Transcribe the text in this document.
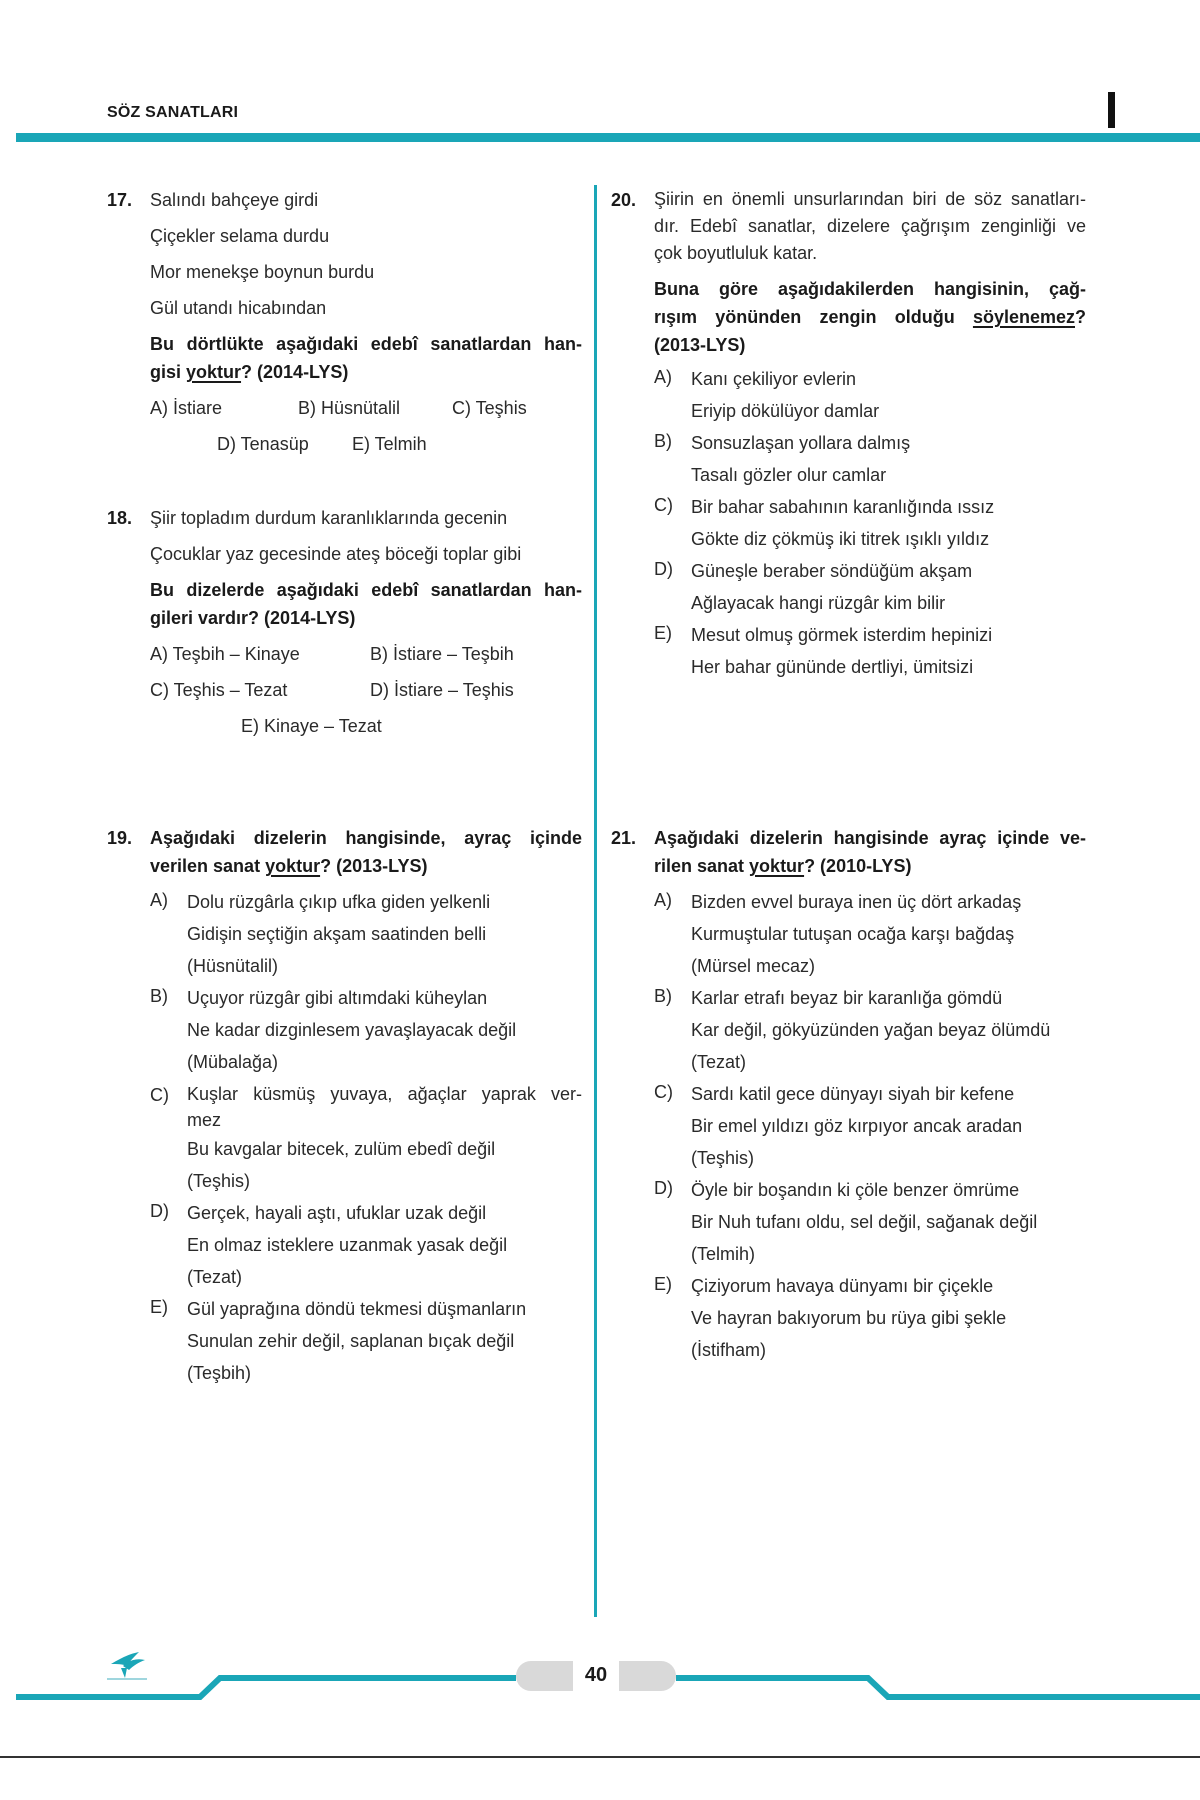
SÖZ SANATLARI
17. Salındı bahçeye girdi
Çiçekler selama durdu
Mor menekşe boynun burdu
Gül utandı hicabından
Bu dörtlükte aşağıdaki edebî sanatlardan han-
gisi yoktur? (2014-LYS)
A) İstiare	B) Hüsnütalil	C) Teşhis
D) Tenasüp E) Telmih
18. Şiir topladım durdum karanlıklarında gecenin
Çocuklar yaz gecesinde ateş böceği toplar gibi
Bu dizelerde aşağıdaki edebî sanatlardan han-
gileri vardır? (2014-LYS)
A) Teşbih – Kinaye	B) İstiare – Teşbih
C) Teşhis – Tezat	D) İstiare – Teşhis
E) Kinaye – Tezat
19. Aşağıdaki dizelerin hangisinde, ayraç içinde
verilen sanat yoktur? (2013-LYS)
A) Dolu rüzgârla çıkıp ufka giden yelkenli
Gidişin seçtiğin akşam saatinden belli
(Hüsnütalil)
B) Uçuyor rüzgâr gibi altımdaki küheylan
Ne kadar dizginlesem yavaşlayacak değil
(Mübalağa)
C) Kuşlar küsmüş yuvaya, ağaçlar yaprak ver-
mez
Bu kavgalar bitecek, zulüm ebedî değil
(Teşhis)
D) Gerçek, hayali aştı, ufuklar uzak değil
En olmaz isteklere uzanmak yasak değil
(Tezat)
E) Gül yaprağına döndü tekmesi düşmanların
Sunulan zehir değil, saplanan bıçak değil
(Teşbih)
20. Şiirin en önemli unsurlarından biri de söz sanatları-
dır. Edebî sanatlar, dizelere çağrışım zenginliği ve
çok boyutluluk katar.
Buna göre aşağıdakilerden hangisinin, çağ-
rışım yönünden zengin olduğu söylenemez?
(2013-LYS)
A) Kanı çekiliyor evlerin
Eriyip dökülüyor damlar
B) Sonsuzlaşan yollara dalmış
Tasalı gözler olur camlar
C) Bir bahar sabahının karanlığında ıssız
Gökte diz çökmüş iki titrek ışıklı yıldız
D) Güneşle beraber söndüğüm akşam
Ağlayacak hangi rüzgâr kim bilir
E) Mesut olmuş görmek isterdim hepinizi
Her bahar gününde dertliyi, ümitsizi
21. Aşağıdaki dizelerin hangisinde ayraç içinde ve-
rilen sanat yoktur? (2010-LYS)
A) Bizden evvel buraya inen üç dört arkadaş
Kurmuştular tutuşan ocağa karşı bağdaş
(Mürsel mecaz)
B) Karlar etrafı beyaz bir karanlığa gömdü
Kar değil, gökyüzünden yağan beyaz ölümdü
(Tezat)
C) Sardı katil gece dünyayı siyah bir kefene
Bir emel yıldızı göz kırpıyor ancak aradan
(Teşhis)
D) Öyle bir boşandın ki çöle benzer ömrüme
Bir Nuh tufanı oldu, sel değil, sağanak değil
(Telmih)
E) Çiziyorum havaya dünyamı bir çiçekle
Ve hayran bakıyorum bu rüya gibi şekle
(İstifham)
40
